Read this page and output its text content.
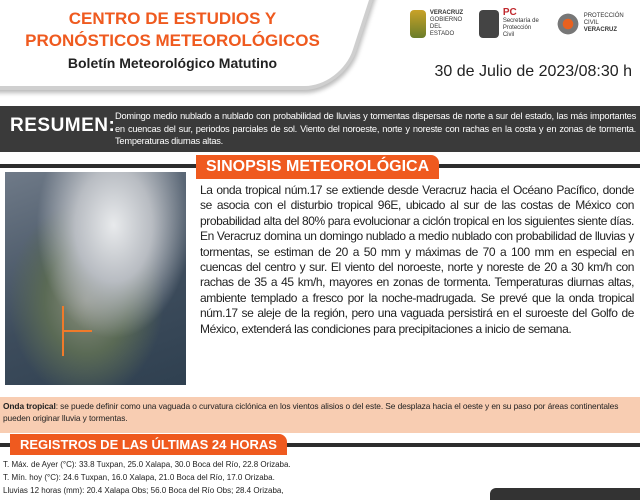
CENTRO DE ESTUDIOS Y
PRONÓSTICOS METEOROLÓGICOS
Boletín Meteorológico Matutino
VERACRUZ
GOBIERNO
DEL ESTADO
PC
Secretaría de
Protección Civil
PROTECCIÓN CIVIL
VERACRUZ
30 de Julio de 2023/08:30 h
RESUMEN: Domingo medio nublado a nublado con probabilidad de lluvias y tormentas dispersas de norte a sur del estado, las más importantes en cuencas del sur, periodos parciales de sol. Viento del noroeste, norte y noreste con rachas en la costa y en zonas de tormenta. Temperaturas diurnas altas.
SINOPSIS METEOROLÓGICA
La onda tropical núm.17 se extiende desde Veracruz hacia el Océano Pacífico, donde se asocia con el disturbio tropical 96E, ubicado al sur de las costas de México con probabilidad alta del 80% para evolucionar a ciclón tropical en los siguientes siente días. En Veracruz domina un domingo nublado a medio nublado con probabilidad de lluvias y tormentas, se estiman de 20 a 50 mm y máximas de 70 a 100 mm en especial en cuencas del centro y sur. El viento del noroeste, norte y noreste de 20 a 30 km/h con rachas de 35 a 45 km/h, mayores en zonas de tormenta. Temperaturas diurnas altas, ambiente templado a fresco por la noche-madrugada. Se prevé que la onda tropical núm.17 se aleje de la región, pero una vaguada persistirá en el suroeste del Golfo de México, extenderá las condiciones para precipitaciones a inicio de semana.
Onda tropical: se puede definir como una vaguada o curvatura ciclónica en los vientos alisios o del este. Se desplaza hacia el oeste y en su paso por áreas continentales pueden originar lluvia y tormentas.
REGISTROS DE LAS ÚLTIMAS 24 HORAS
T. Máx. de Ayer (°C): 33.8 Tuxpan, 25.0 Xalapa, 30.0 Boca del Río, 22.8 Orizaba.
T. Mín. hoy (°C): 24.6 Tuxpan, 16.0 Xalapa, 21.0 Boca del Río, 17.0 Orizaba.
Lluvias 12 horas (mm): 20.4 Xalapa Obs; 56.0 Boca del Río Obs; 28.4 Orizaba,
